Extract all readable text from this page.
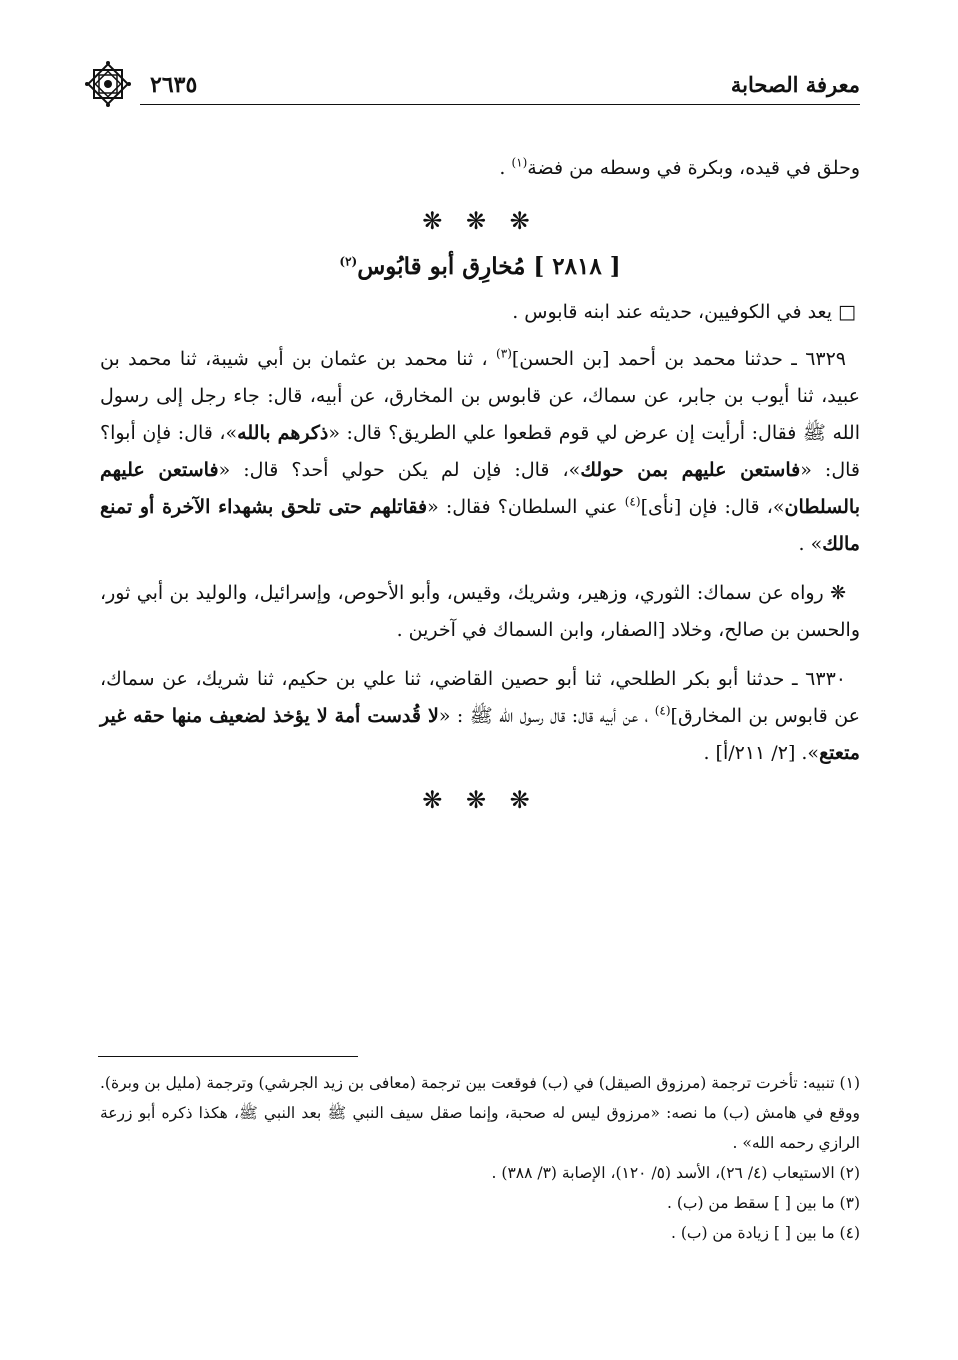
معرفة الصحابة
٢٦٣٥

وحلق في قيده، وبكرة في وسطه من فضة$^{(١)}$ .

❋ ❋ ❋

[ ٢٨١٨ ] مُخارِق أبو قابُوس$^{(٢)}$

□ يعد في الكوفيين، حديثه عند ابنه قابوس .

٦٣٢٩ ـ حدثنا محمد بن أحمد [بن الحسن]$^{(٣)}$ ، ثنا محمد بن عثمان بن أبي شيبة، ثنا محمد بن عبيد، ثنا أيوب بن جابر، عن سماك، عن قابوس بن المخارق، عن أبيه، قال: جاء رجل إلى رسول الله ﷺ فقال: أرأيت إن عرض لي قوم قطعوا علي الطريق؟ قال: «ذكرهم بالله»، قال: فإن أبوا؟ قال: «فاستعن عليهم بمن حولك»، قال: فإن لم يكن حولي أحد؟ قال: «فاستعن عليهم بالسلطان»، قال: فإن [نأى]$^{(٤)}$ عني السلطان؟ فقال: «فقاتلهم حتى تلحق بشهداء الآخرة أو تمنع مالك» .

❋ رواه عن سماك: الثوري، وزهير، وشريك، وقيس، وأبو الأحوص، وإسرائيل، والوليد بن أبي ثور، والحسن بن صالح، وخلاد [الصفار، وابن السماك في آخرين .

٦٣٣٠ ـ حدثنا أبو بكر الطلحي، ثنا أبو حصين القاضي، ثنا علي بن حكيم، ثنا شريك، عن سماك، عن قابوس بن المخارق]$^{(٤)}$ ، عن أبيه قال: قال رسول الله ﷺ : «لا قُدست أمة لا يؤخذ لضعيف منها حقه غير متعتع». [٢/ ٢١١/أ] .

❋ ❋ ❋

(١) تنبيه: تأخرت ترجمة (مرزوق الصيقل) في (ب) فوقعت بين ترجمة (معافى بن زيد الجرشي) وترجمة (مليل بن وبرة). ووقع في هامش (ب) ما نصه: «مرزوق ليس له صحبة، وإنما صقل سيف النبي ﷺ بعد النبي ﷺ، هكذا ذكره أبو زرعة الرازي رحمه الله» .

(٢) الاستيعاب (٤/ ٢٦)، الأسد (٥/ ١٢٠)، الإصابة (٣/ ٣٨٨) .

(٣) ما بين [ ] سقط من (ب) .

(٤) ما بين [ ] زيادة من (ب) .
